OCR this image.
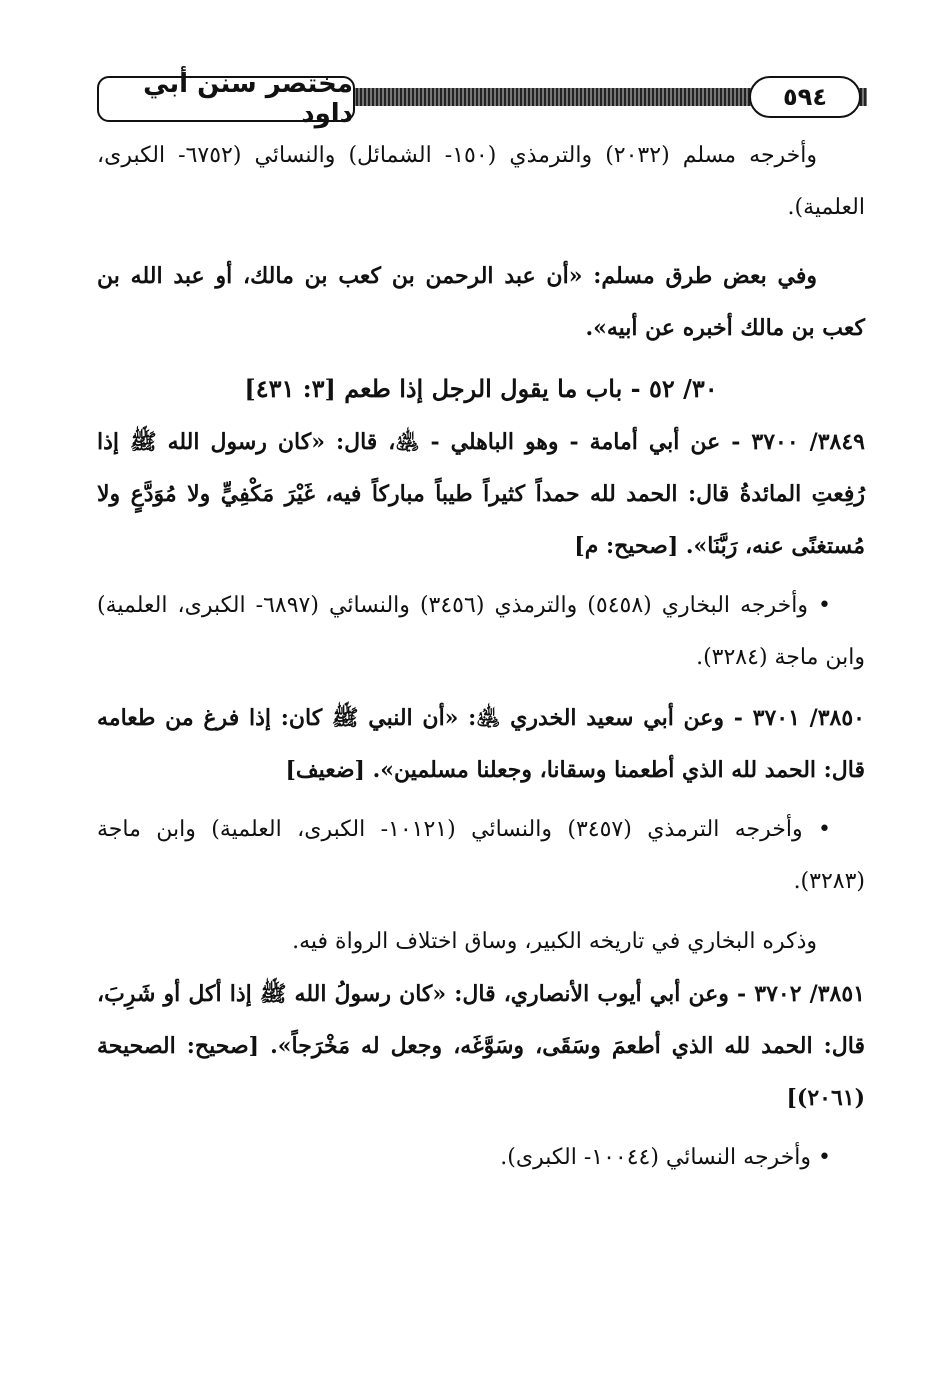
مختصر سنن أبي داود
٥٩٤

وأخرجه مسلم (٢٠٣٢) والترمذي (١٥٠- الشمائل) والنسائي (٦٧٥٢- الكبرى، العلمية).

وفي بعض طرق مسلم: «أن عبد الرحمن بن كعب بن مالك، أو عبد الله بن كعب بن مالك أخبره عن أبيه».

٣٠/ ٥٢ - باب ما يقول الرجل إذا طعم [٣: ٤٣١]

٣٨٤٩/ ٣٧٠٠ - عن أبي أمامة - وهو الباهلي - ﵁، قال: «كان رسول الله ﷺ إذا رُفِعتِ المائدةُ قال: الحمد لله حمداً كثيراً طيباً مباركاً فيه، غَيْرَ مَكْفِيٍّ ولا مُوَدَّعٍ ولا مُستغنًى عنه، رَبَّنَا». [صحيح: م]

• وأخرجه البخاري (٥٤٥٨) والترمذي (٣٤٥٦) والنسائي (٦٨٩٧- الكبرى، العلمية) وابن ماجة (٣٢٨٤).

٣٨٥٠/ ٣٧٠١ - وعن أبي سعيد الخدري ﵁: «أن النبي ﷺ كان: إذا فرغ من طعامه قال: الحمد لله الذي أطعمنا وسقانا، وجعلنا مسلمين». [ضعيف]

• وأخرجه الترمذي (٣٤٥٧) والنسائي (١٠١٢١- الكبرى، العلمية) وابن ماجة (٣٢٨٣).

وذكره البخاري في تاريخه الكبير، وساق اختلاف الرواة فيه.

٣٨٥١/ ٣٧٠٢ - وعن أبي أيوب الأنصاري، قال: «كان رسولُ الله ﷺ إذا أكل أو شَرِبَ، قال: الحمد لله الذي أطعمَ وسَقَى، وسَوَّغَه، وجعل له مَخْرَجاً». [صحيح: الصحيحة (٢٠٦١)]

• وأخرجه النسائي (١٠٠٤٤- الكبرى).
